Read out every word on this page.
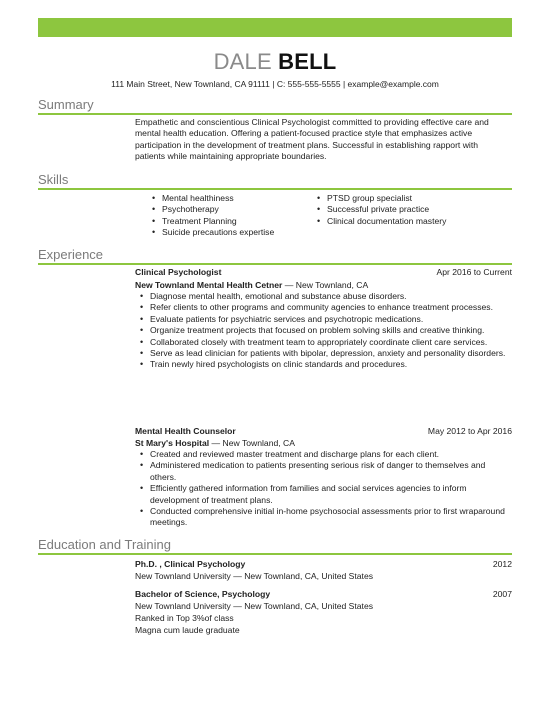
DALE BELL
111 Main Street, New Townland, CA 91111 | C: 555-555-5555 | example@example.com
Summary
Empathetic and conscientious Clinical Psychologist committed to providing effective care and mental health education. Offering a patient-focused practice style that emphasizes active participation in the development of treatment plans. Successful in establishing rapport with patients while maintaining appropriate boundaries.
Skills
• Mental healthiness
• Psychotherapy
• Treatment Planning
• Suicide precautions expertise
• PTSD group specialist
• Successful private practice
• Clinical documentation mastery
Experience
Clinical Psychologist	Apr 2016 to Current
New Townland Mental Health Cetner — New Townland, CA
• Diagnose mental health, emotional and substance abuse disorders.
• Refer clients to other programs and community agencies to enhance treatment processes.
• Evaluate patients for psychiatric services and psychotropic medications.
• Organize treatment projects that focused on problem solving skills and creative thinking.
• Collaborated closely with treatment team to appropriately coordinate client care services.
• Serve as lead clinician for patients with bipolar, depression, anxiety and personality disorders.
• Train newly hired psychologists on clinic standards and procedures.
Mental Health Counselor	May 2012 to Apr 2016
St Mary's Hospital — New Townland, CA
• Created and reviewed master treatment and discharge plans for each client.
• Administered medication to patients presenting serious risk of danger to themselves and others.
• Efficiently gathered information from families and social services agencies to inform development of treatment plans.
• Conducted comprehensive initial in-home psychosocial assessments prior to first wraparound meetings.
Education and Training
Ph.D. , Clinical Psychology	2012
New Townland University — New Townland, CA, United States
Bachelor of Science, Psychology	2007
New Townland University — New Townland, CA, United States
Ranked in Top 3%of class
Magna cum laude graduate
